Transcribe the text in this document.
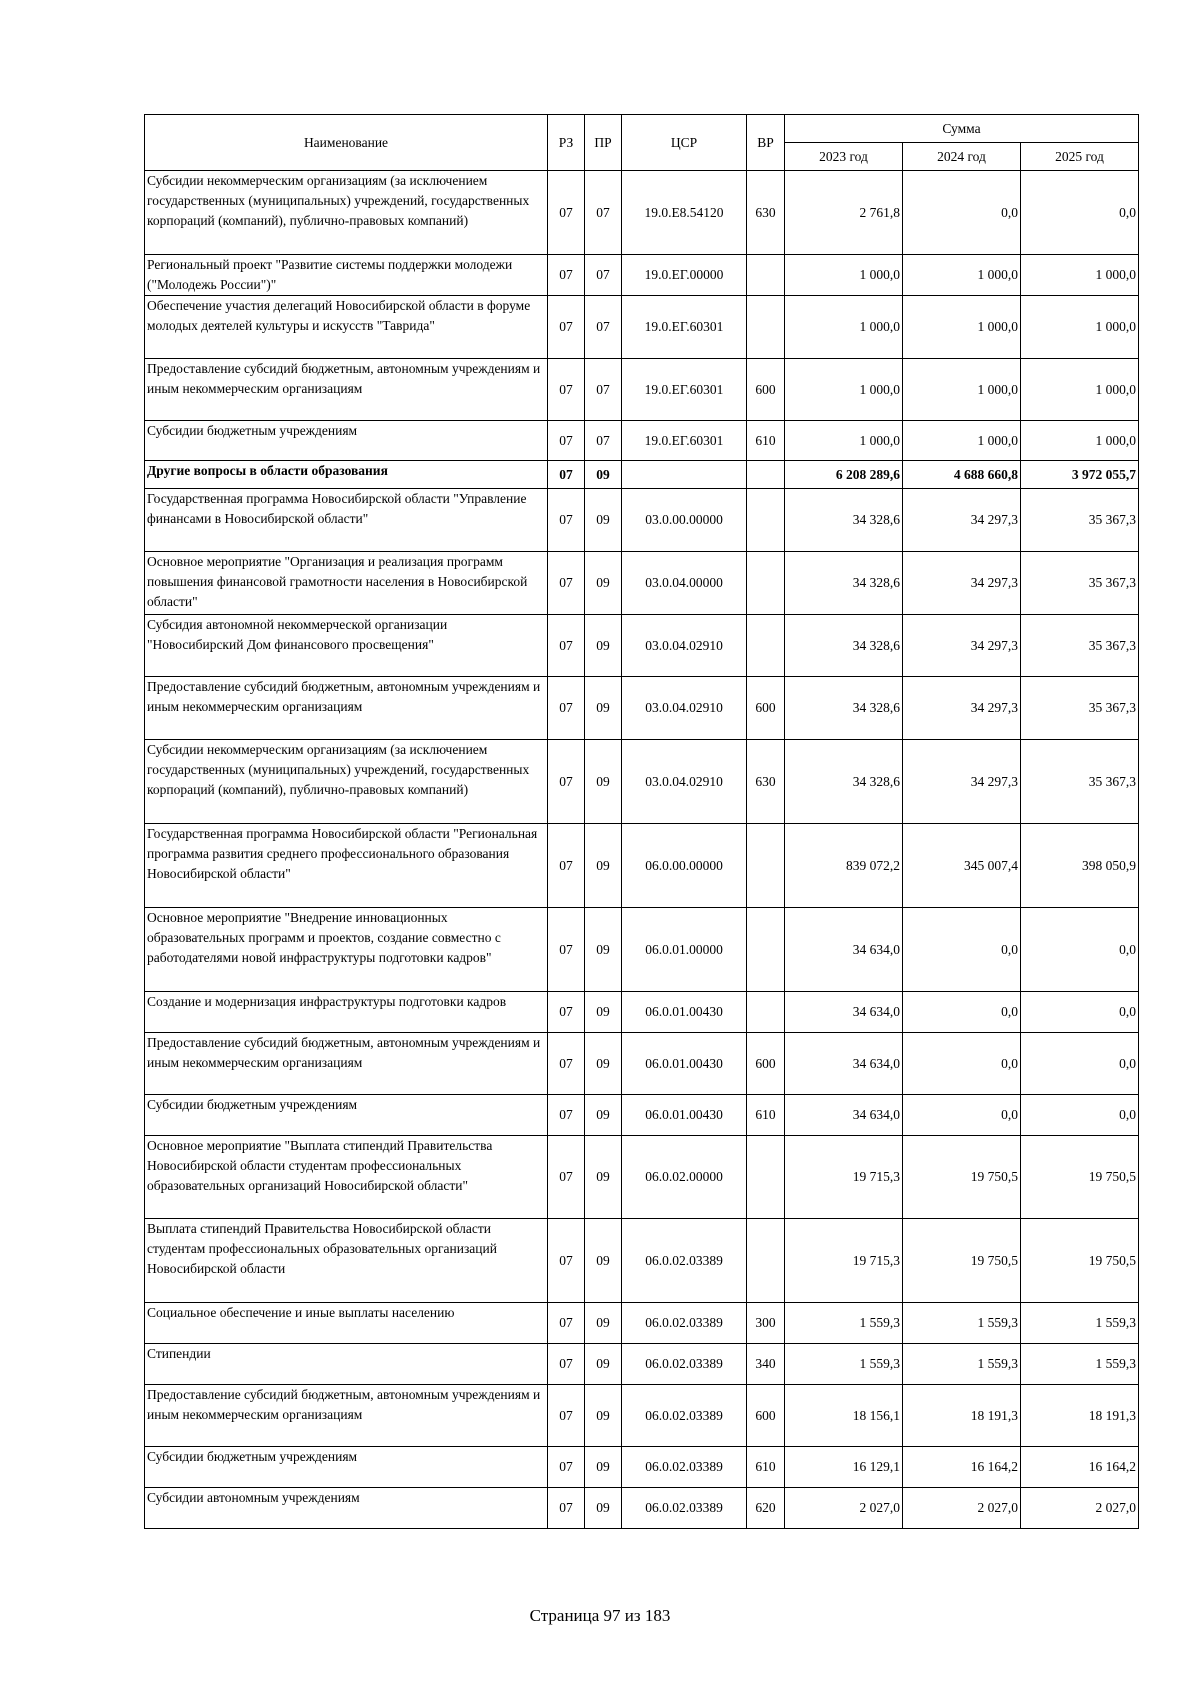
Наименование	РЗ	ПР	ЦСР	ВР	Сумма		
					2023 год	2024 год	2025 год
Субсидии некоммерческим организациям (за исключением государственных (муниципальных) учреждений, государственных корпораций (компаний), публично-правовых компаний)	07	07	19.0.E8.54120	630	2 761,8	0,0	0,0
Региональный проект "Развитие системы поддержки молодежи ("Молодежь России")"	07	07	19.0.ЕГ.00000		1 000,0	1 000,0	1 000,0
Обеспечение участия делегаций Новосибирской области в форуме молодых деятелей культуры и искусств "Таврида"	07	07	19.0.ЕГ.60301		1 000,0	1 000,0	1 000,0
Предоставление субсидий бюджетным, автономным учреждениям и иным некоммерческим организациям	07	07	19.0.ЕГ.60301	600	1 000,0	1 000,0	1 000,0
Субсидии бюджетным учреждениям	07	07	19.0.ЕГ.60301	610	1 000,0	1 000,0	1 000,0
Другие вопросы в области образования	07	09			6 208 289,6	4 688 660,8	3 972 055,7
Государственная программа Новосибирской области "Управление финансами в Новосибирской области"	07	09	03.0.00.00000		34 328,6	34 297,3	35 367,3
Основное мероприятие "Организация и реализация программ повышения финансовой грамотности населения в Новосибирской области"	07	09	03.0.04.00000		34 328,6	34 297,3	35 367,3
Субсидия автономной некоммерческой организации "Новосибирский Дом финансового просвещения"	07	09	03.0.04.02910		34 328,6	34 297,3	35 367,3
Предоставление субсидий бюджетным, автономным учреждениям и иным некоммерческим организациям	07	09	03.0.04.02910	600	34 328,6	34 297,3	35 367,3
Субсидии некоммерческим организациям (за исключением государственных (муниципальных) учреждений, государственных корпораций (компаний), публично-правовых компаний)	07	09	03.0.04.02910	630	34 328,6	34 297,3	35 367,3
Государственная программа Новосибирской области "Региональная программа развития среднего профессионального образования Новосибирской области"	07	09	06.0.00.00000		839 072,2	345 007,4	398 050,9
Основное мероприятие "Внедрение инновационных образовательных программ и проектов, создание совместно с работодателями новой инфраструктуры подготовки кадров"	07	09	06.0.01.00000		34 634,0	0,0	0,0
Создание и модернизация инфраструктуры подготовки кадров	07	09	06.0.01.00430		34 634,0	0,0	0,0
Предоставление субсидий бюджетным, автономным учреждениям и иным некоммерческим организациям	07	09	06.0.01.00430	600	34 634,0	0,0	0,0
Субсидии бюджетным учреждениям	07	09	06.0.01.00430	610	34 634,0	0,0	0,0
Основное мероприятие "Выплата стипендий Правительства Новосибирской области студентам профессиональных образовательных организаций Новосибирской области"	07	09	06.0.02.00000		19 715,3	19 750,5	19 750,5
Выплата стипендий Правительства Новосибирской области студентам профессиональных образовательных организаций Новосибирской области	07	09	06.0.02.03389		19 715,3	19 750,5	19 750,5
Социальное обеспечение и иные выплаты населению	07	09	06.0.02.03389	300	1 559,3	1 559,3	1 559,3
Стипендии	07	09	06.0.02.03389	340	1 559,3	1 559,3	1 559,3
Предоставление субсидий бюджетным, автономным учреждениям и иным некоммерческим организациям	07	09	06.0.02.03389	600	18 156,1	18 191,3	18 191,3
Субсидии бюджетным учреждениям	07	09	06.0.02.03389	610	16 129,1	16 164,2	16 164,2
Субсидии автономным учреждениям	07	09	06.0.02.03389	620	2 027,0	2 027,0	2 027,0
Страница 97 из 183
